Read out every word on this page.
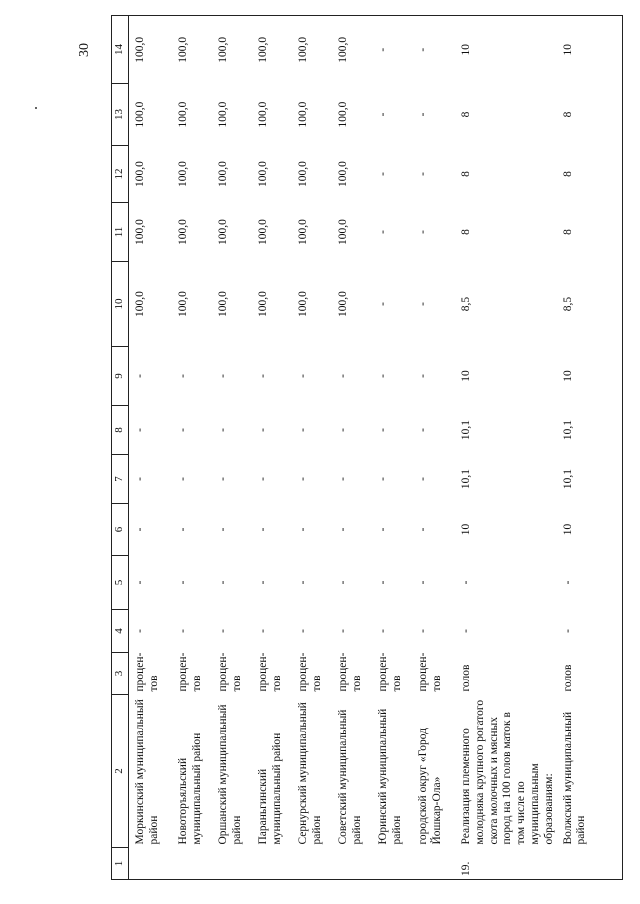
30
1	2	3	4	5	6	7	8	9	10	11	12	13	14
	Моркинский муниципальный район	процен-тов	-	-	-	-	-	-	100,0	100,0	100,0	100,0	100,0
	Новоторъяльский муниципальный район	процен-тов	-	-	-	-	-	-	100,0	100,0	100,0	100,0	100,0
	Оршанский муниципальный район	процен-тов	-	-	-	-	-	-	100,0	100,0	100,0	100,0	100,0
	Параньгинский муниципальный район	процен-тов	-	-	-	-	-	-	100,0	100,0	100,0	100,0	100,0
	Сернурский муниципальный район	процен-тов	-	-	-	-	-	-	100,0	100,0	100,0	100,0	100,0
	Советский муниципальный район	процен-тов	-	-	-	-	-	-	100,0	100,0	100,0	100,0	100,0
	Юринский муниципальный район	процен-тов	-	-	-	-	-	-	-	-	-	-	-
	городской округ «Город Йошкар-Ола»	процен-тов	-	-	-	-	-	-	-	-	-	-	-
19.	Реализация племенного молодняка крупного рогатого скота молочных и мясных пород на 100 голов маток в том числе по муниципальным образованиям:	голов	-	-	10	10,1	10,1	10	8,5	8	8	8	10
	Волжский муниципальный район	голов	-	-	10	10,1	10,1	10	8,5	8	8	8	10
